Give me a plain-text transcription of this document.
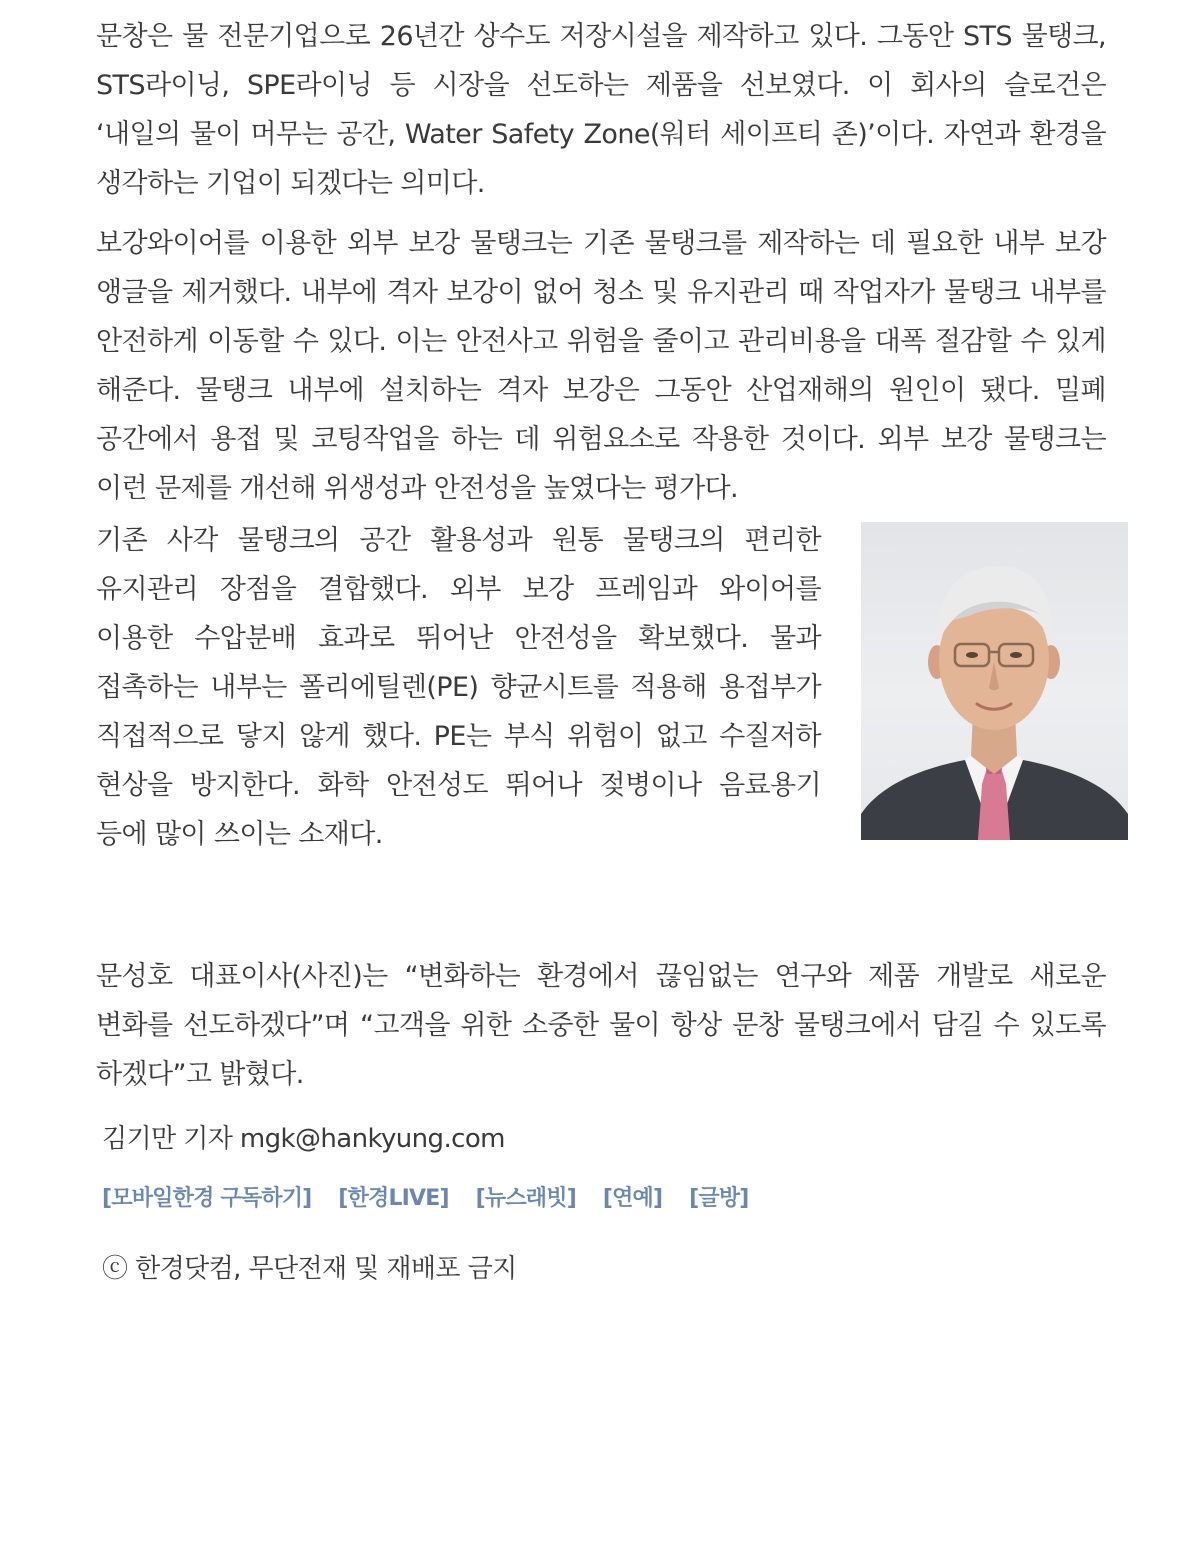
문창은 물 전문기업으로 26년간 상수도 저장시설을 제작하고 있다. 그동안 STS 물탱크, STS라이닝, SPE라이닝 등 시장을 선도하는 제품을 선보였다. 이 회사의 슬로건은 ‘내일의 물이 머무는 공간, Water Safety Zone(워터 세이프티 존)’이다. 자연과 환경을 생각하는 기업이 되겠다는 의미다.

보강와이어를 이용한 외부 보강 물탱크는 기존 물탱크를 제작하는 데 필요한 내부 보강 앵글을 제거했다. 내부에 격자 보강이 없어 청소 및 유지관리 때 작업자가 물탱크 내부를 안전하게 이동할 수 있다. 이는 안전사고 위험을 줄이고 관리비용을 대폭 절감할 수 있게 해준다. 물탱크 내부에 설치하는 격자 보강은 그동안 산업재해의 원인이 됐다. 밀폐 공간에서 용접 및 코팅작업을 하는 데 위험요소로 작용한 것이다. 외부 보강 물탱크는 이런 문제를 개선해 위생성과 안전성을 높였다는 평가다.

기존 사각 물탱크의 공간 활용성과 원통 물탱크의 편리한 유지관리 장점을 결합했다. 외부 보강 프레임과 와이어를 이용한 수압분배 효과로 뛰어난 안전성을 확보했다. 물과 접촉하는 내부는 폴리에틸렌(PE) 향균시트를 적용해 용접부가 직접적으로 닿지 않게 했다. PE는 부식 위험이 없고 수질저하 현상을 방지한다. 화학 안전성도 뛰어나 젖병이나 음료용기 등에 많이 쓰이는 소재다.

문성호 대표이사(사진)는 “변화하는 환경에서 끊임없는 연구와 제품 개발로 새로운 변화를 선도하겠다”며 “고객을 위한 소중한 물이 항상 문창 물탱크에서 담길 수 있도록 하겠다”고 밝혔다.

김기만 기자 mgk@hankyung.com
[모바일한경 구독하기] [한경LIVE] [뉴스래빗] [연예] [글방]
ⓒ 한경닷컴, 무단전재 및 재배포 금지
